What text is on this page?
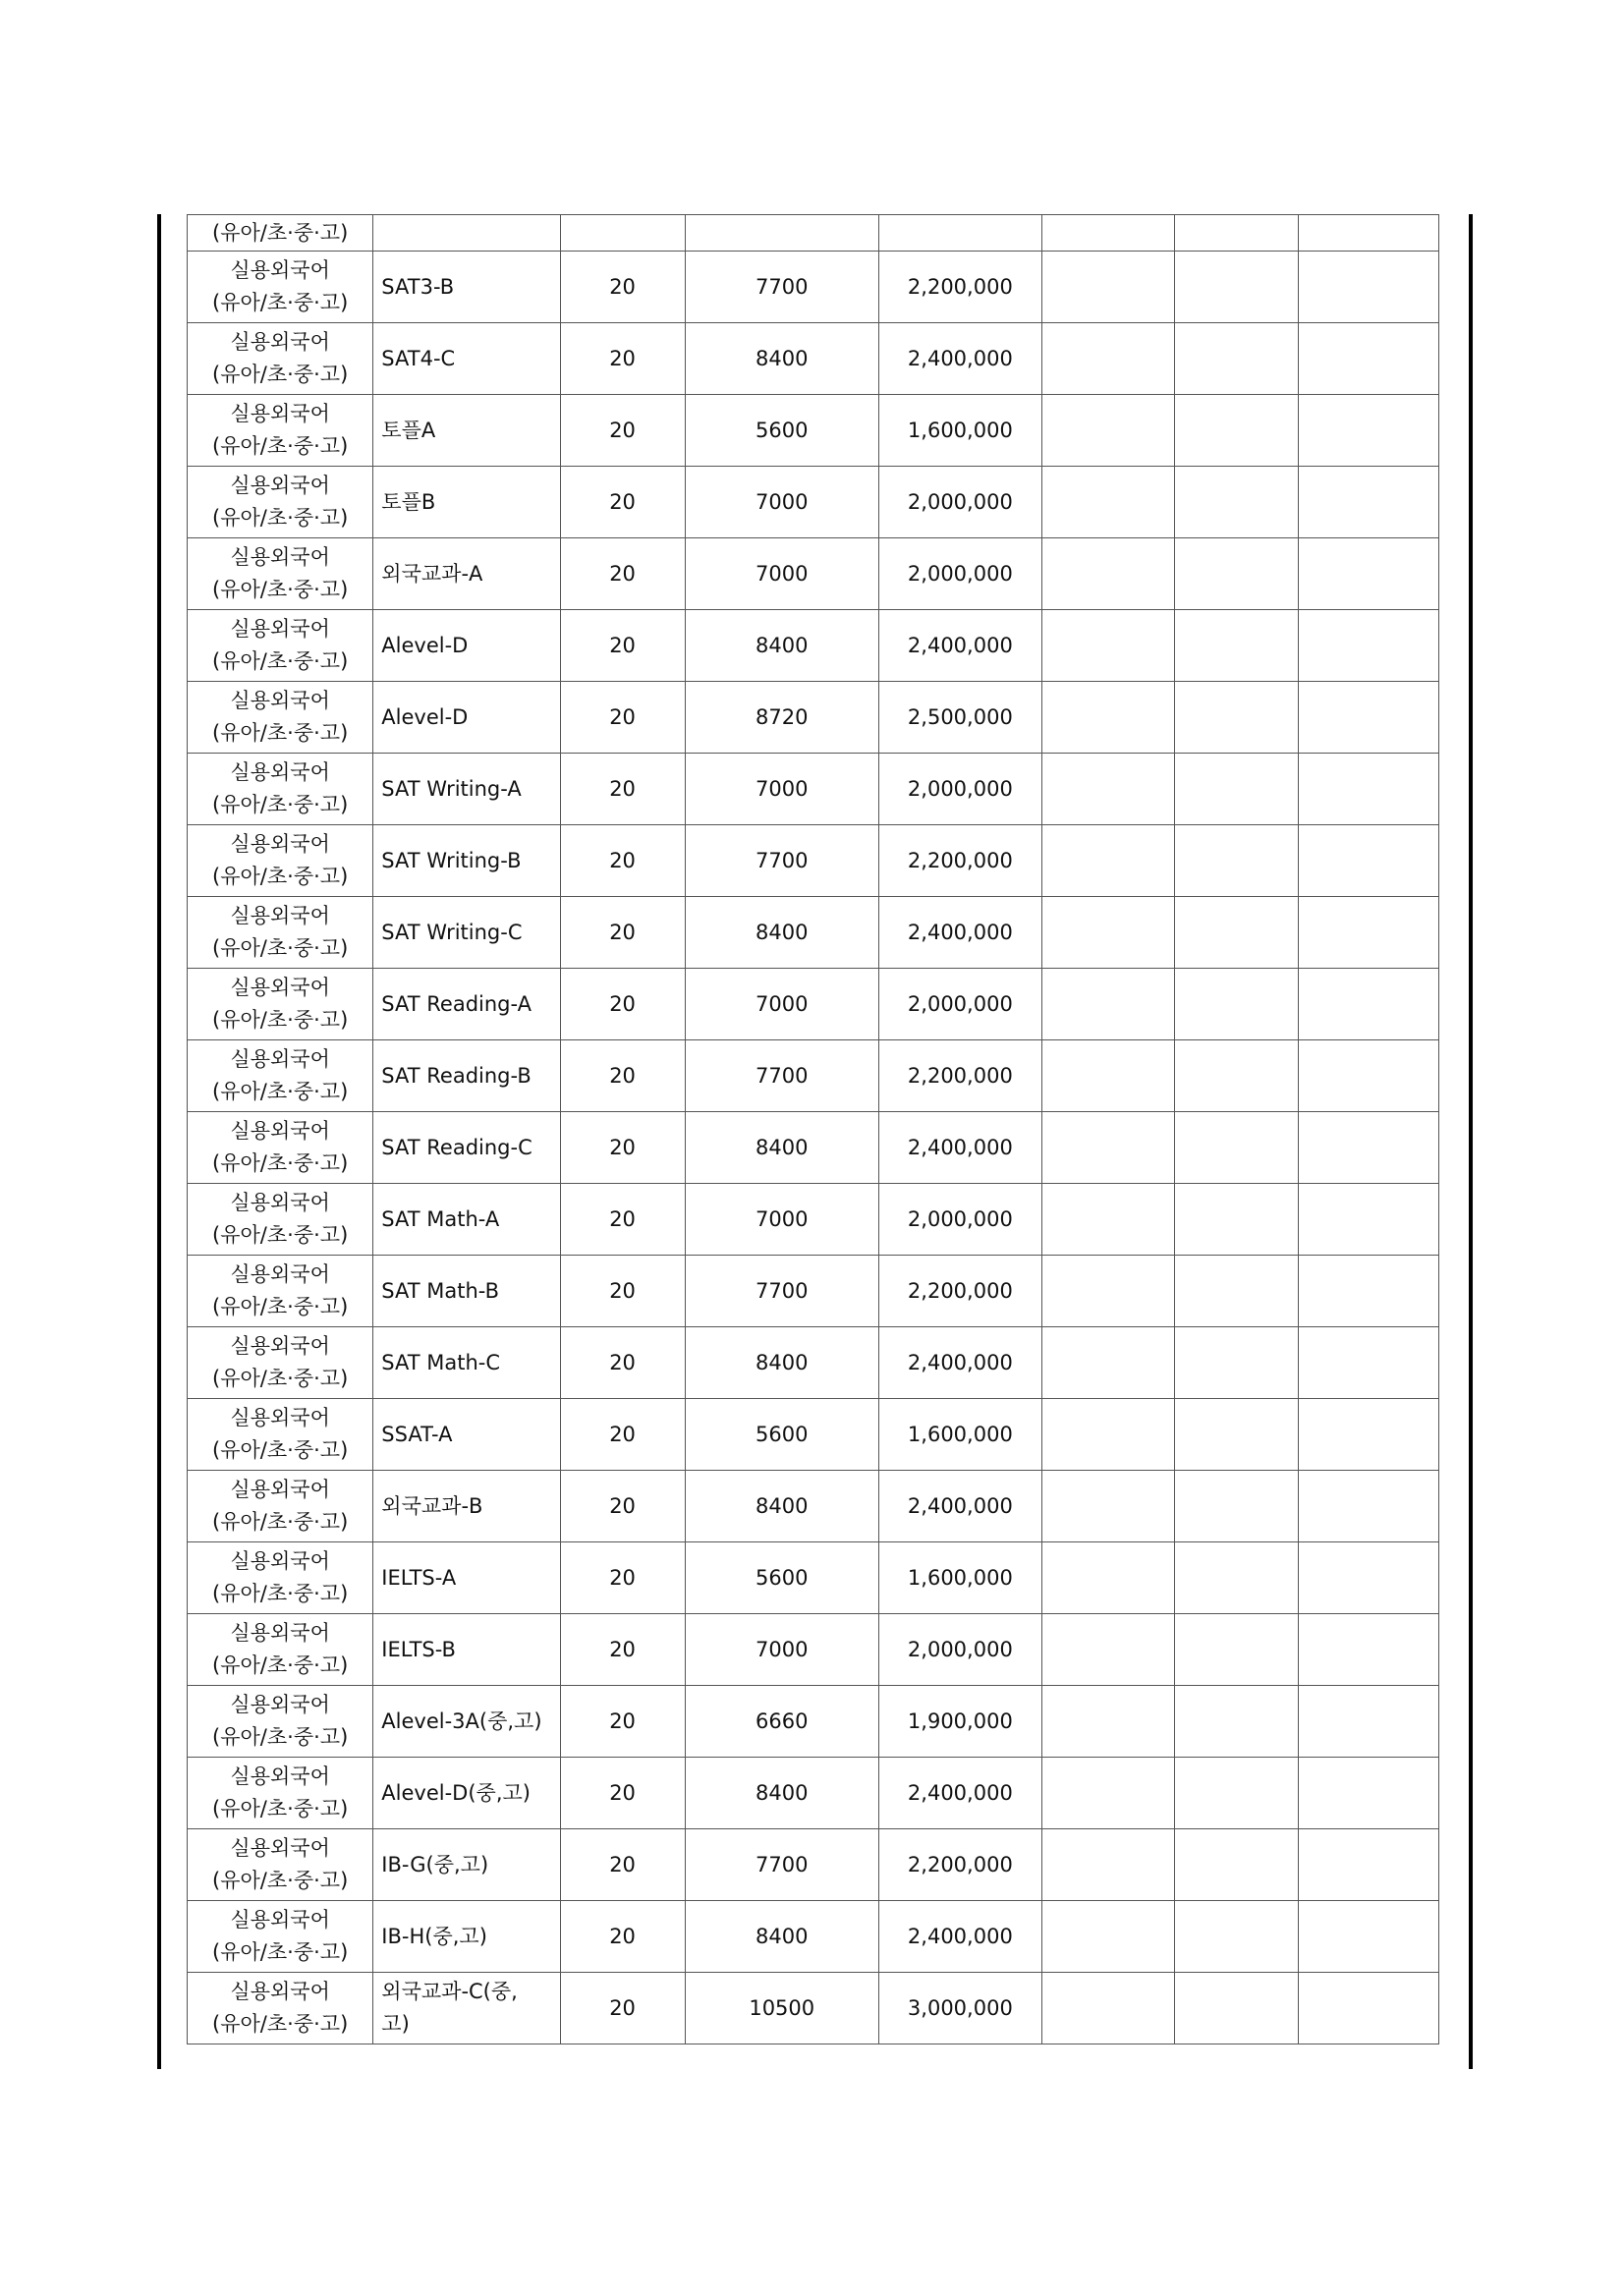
(유아/초·중·고)							

실용외국어
(유아/초·중·고)	SAT3-B	20	7700	2,200,000			

실용외국어
(유아/초·중·고)	SAT4-C	20	8400	2,400,000			

실용외국어
(유아/초·중·고)	토플A	20	5600	1,600,000			

실용외국어
(유아/초·중·고)	토플B	20	7000	2,000,000			

실용외국어
(유아/초·중·고)	외국교과-A	20	7000	2,000,000			

실용외국어
(유아/초·중·고)	Alevel-D	20	8400	2,400,000			

실용외국어
(유아/초·중·고)	Alevel-D	20	8720	2,500,000			

실용외국어
(유아/초·중·고)	SAT Writing-A	20	7000	2,000,000			

실용외국어
(유아/초·중·고)	SAT Writing-B	20	7700	2,200,000			

실용외국어
(유아/초·중·고)	SAT Writing-C	20	8400	2,400,000			

실용외국어
(유아/초·중·고)	SAT Reading-A	20	7000	2,000,000			

실용외국어
(유아/초·중·고)	SAT Reading-B	20	7700	2,200,000			

실용외국어
(유아/초·중·고)	SAT Reading-C	20	8400	2,400,000			

실용외국어
(유아/초·중·고)	SAT Math-A	20	7000	2,000,000			

실용외국어
(유아/초·중·고)	SAT Math-B	20	7700	2,200,000			

실용외국어
(유아/초·중·고)	SAT Math-C	20	8400	2,400,000			

실용외국어
(유아/초·중·고)	SSAT-A	20	5600	1,600,000			

실용외국어
(유아/초·중·고)	외국교과-B	20	8400	2,400,000			

실용외국어
(유아/초·중·고)	IELTS-A	20	5600	1,600,000			

실용외국어
(유아/초·중·고)	IELTS-B	20	7000	2,000,000			

실용외국어
(유아/초·중·고)	Alevel-3A(중,고)	20	6660	1,900,000			

실용외국어
(유아/초·중·고)	Alevel-D(중,고)	20	8400	2,400,000			

실용외국어
(유아/초·중·고)	IB-G(중,고)	20	7700	2,200,000			

실용외국어
(유아/초·중·고)	IB-H(중,고)	20	8400	2,400,000			

실용외국어
(유아/초·중·고)	외국교과-C(중,
고)	20	10500	3,000,000			
